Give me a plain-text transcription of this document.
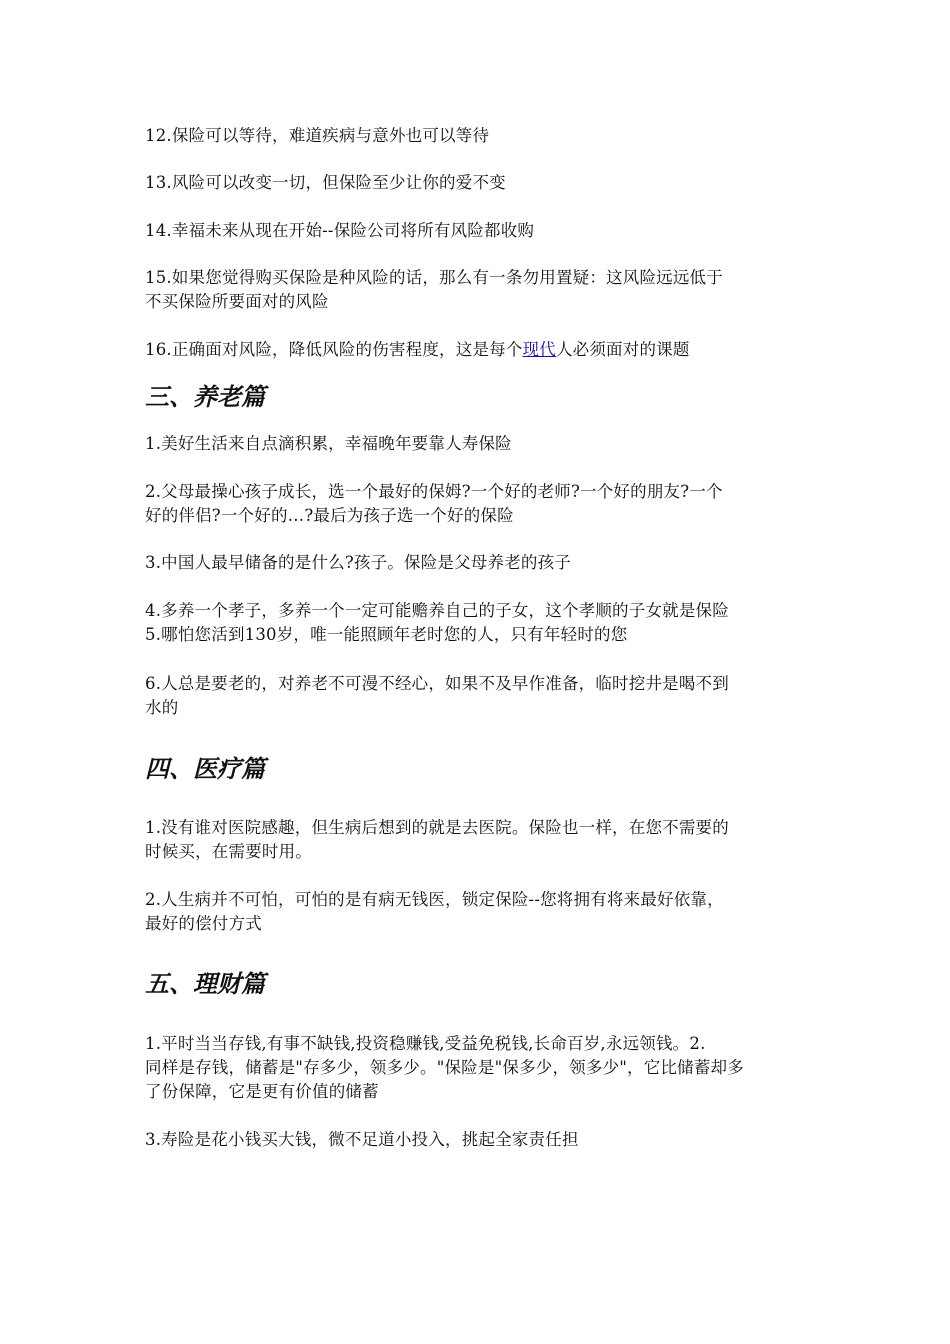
12.保险可以等待，难道疾病与意外也可以等待
13.风险可以改变一切，但保险至少让你的爱不变
14.幸福未来从现在开始--保险公司将所有风险都收购
15.如果您觉得购买保险是种风险的话，那么有一条勿用置疑：这风险远远低于
不买保险所要面对的风险
16.正确面对风险，降低风险的伤害程度，这是每个现代人必须面对的课题
三、养老篇
1.美好生活来自点滴积累，幸福晚年要靠人寿保险
2.父母最操心孩子成长，选一个最好的保姆?一个好的老师?一个好的朋友?一个
好的伴侣?一个好的…?最后为孩子选一个好的保险
3.中国人最早储备的是什么?孩子。保险是父母养老的孩子
4.多养一个孝子，多养一个一定可能赡养自己的子女，这个孝顺的子女就是保险
5.哪怕您活到130岁，唯一能照顾年老时您的人，只有年轻时的您
6.人总是要老的，对养老不可漫不经心，如果不及早作准备，临时挖井是喝不到
水的
四、医疗篇
1.没有谁对医院感趣，但生病后想到的就是去医院。保险也一样，在您不需要的
时候买，在需要时用。
2.人生病并不可怕，可怕的是有病无钱医，锁定保险--您将拥有将来最好依靠，
最好的偿付方式
五、理财篇
1.平时当当存钱,有事不缺钱,投资稳赚钱,受益免税钱,长命百岁,永远领钱。2.
同样是存钱，储蓄是"存多少，领多少。"保险是"保多少，领多少"，它比储蓄却多
了份保障，它是更有价值的储蓄
3.寿险是花小钱买大钱，微不足道小投入，挑起全家责任担
